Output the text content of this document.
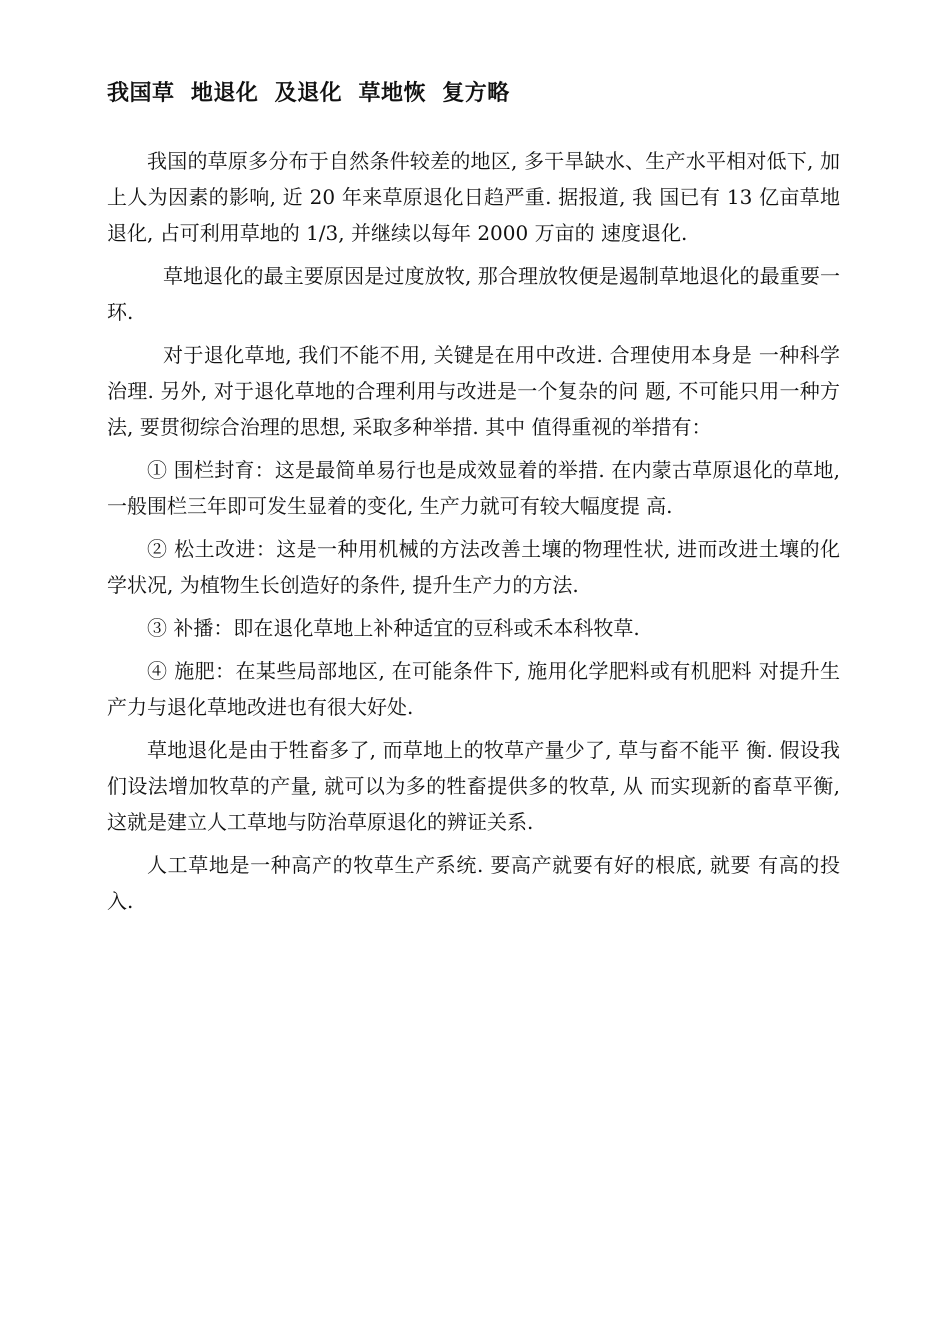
我国草  地退化  及退化  草地恢  复方略

我国的草原多分布于自然条件较差的地区, 多干旱缺水、生产水平相对低下, 加上人为因素的影响, 近 20 年来草原退化日趋严重. 据报道, 我 国已有 13 亿亩草地退化, 占可利用草地的 1/3, 并继续以每年 2000 万亩的 速度退化.

草地退化的最主要原因是过度放牧, 那合理放牧便是遏制草地退化的最重要一环.

对于退化草地, 我们不能不用, 关键是在用中改进. 合理使用本身是 一种科学治理. 另外, 对于退化草地的合理利用与改进是一个复杂的问 题, 不可能只用一种方法, 要贯彻综合治理的思想, 采取多种举措. 其中 值得重视的举措有：

① 围栏封育：这是最简单易行也是成效显着的举措. 在内蒙古草原退化的草地, 一般围栏三年即可发生显着的变化, 生产力就可有较大幅度提 高.

② 松土改进：这是一种用机械的方法改善土壤的物理性状, 进而改进土壤的化学状况, 为植物生长创造好的条件, 提升生产力的方法.

③ 补播：即在退化草地上补种适宜的豆科或禾本科牧草.

④ 施肥：在某些局部地区, 在可能条件下, 施用化学肥料或有机肥料 对提升生产力与退化草地改进也有很大好处.

草地退化是由于牲畜多了, 而草地上的牧草产量少了, 草与畜不能平 衡. 假设我们设法增加牧草的产量, 就可以为多的牲畜提供多的牧草, 从 而实现新的畜草平衡, 这就是建立人工草地与防治草原退化的辨证关系.

人工草地是一种高产的牧草生产系统. 要高产就要有好的根底, 就要 有高的投入.
